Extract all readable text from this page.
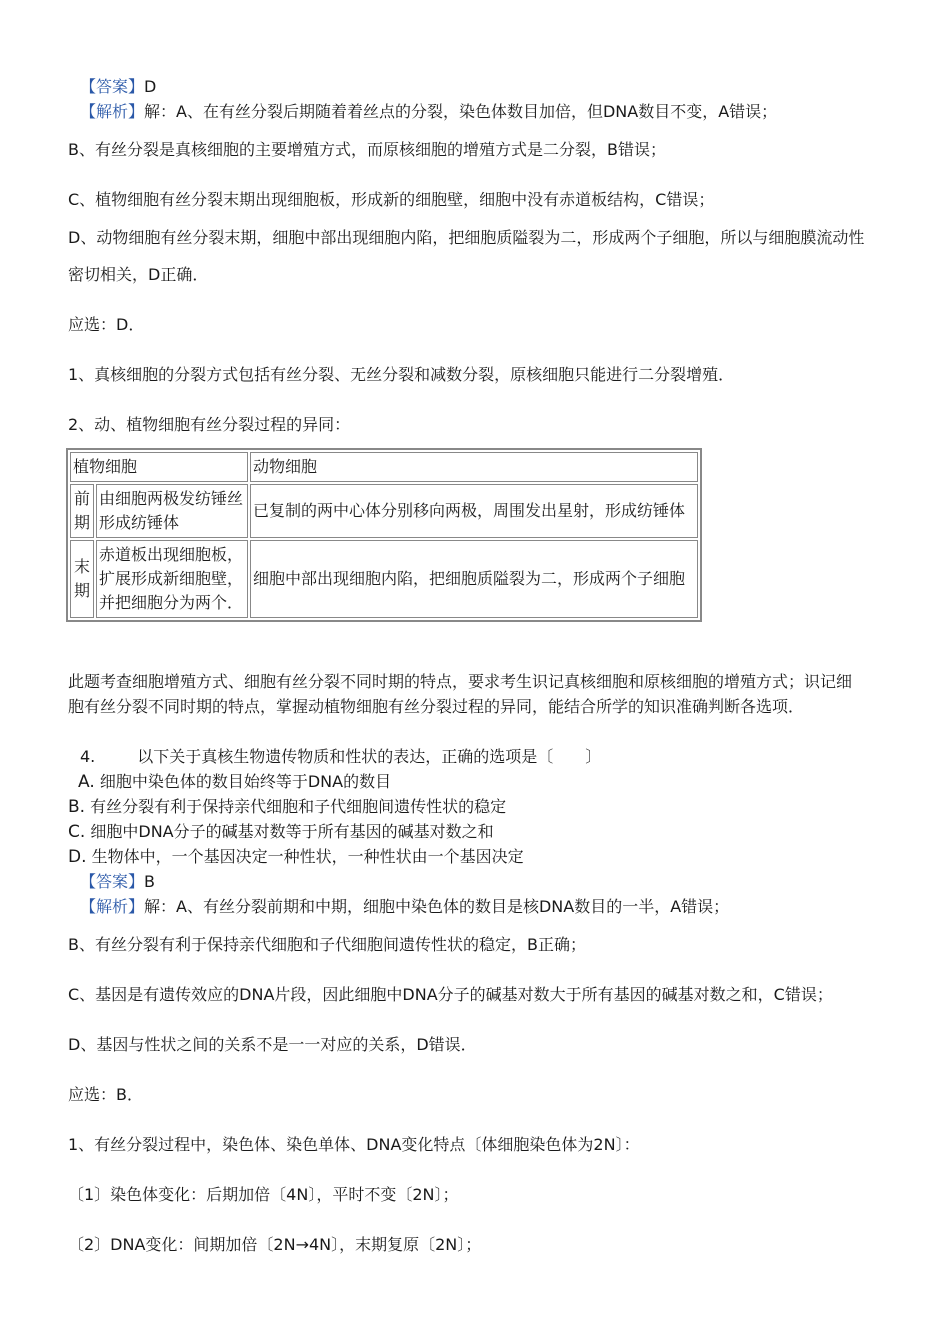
【答案】D
【解析】解：A、在有丝分裂后期随着着丝点的分裂，染色体数目加倍，但DNA数目不变，A错误；
B、有丝分裂是真核细胞的主要增殖方式，而原核细胞的增殖方式是二分裂，B错误；
C、植物细胞有丝分裂末期出现细胞板，形成新的细胞壁，细胞中没有赤道板结构，C错误；
D、动物细胞有丝分裂末期，细胞中部出现细胞内陷，把细胞质隘裂为二，形成两个子细胞，所以与细胞膜流动性
密切相关，D正确．
应选：D．
1、真核细胞的分裂方式包括有丝分裂、无丝分裂和减数分裂，原核细胞只能进行二分裂增殖．
2、动、植物细胞有丝分裂过程的异同：
植物细胞		动物细胞
前期	由细胞两极发纺锤丝形成纺锤体	已复制的两中心体分别移向两极，周围发出星射，形成纺锤体
末期	赤道板出现细胞板，扩展形成新细胞壁，并把细胞分为两个．	细胞中部出现细胞内陷，把细胞质隘裂为二，形成两个子细胞
此题考查细胞增殖方式、细胞有丝分裂不同时期的特点，要求考生识记真核细胞和原核细胞的增殖方式；识记细
胞有丝分裂不同时期的特点，掌握动植物细胞有丝分裂过程的异同，能结合所学的知识准确判断各选项．
4.	以下关于真核生物遗传物质和性状的表达，正确的选项是〔　　〕
A. 细胞中染色体的数目始终等于DNA的数目
B. 有丝分裂有利于保持亲代细胞和子代细胞间遗传性状的稳定
C. 细胞中DNA分子的碱基对数等于所有基因的碱基对数之和
D. 生物体中，一个基因决定一种性状，一种性状由一个基因决定
【答案】B
【解析】解：A、有丝分裂前期和中期，细胞中染色体的数目是核DNA数目的一半，A错误；
B、有丝分裂有利于保持亲代细胞和子代细胞间遗传性状的稳定，B正确；
C、基因是有遗传效应的DNA片段，因此细胞中DNA分子的碱基对数大于所有基因的碱基对数之和，C错误；
D、基因与性状之间的关系不是一一对应的关系，D错误．
应选：B．
1、有丝分裂过程中，染色体、染色单体、DNA变化特点〔体细胞染色体为2N〕：
〔1〕染色体变化：后期加倍〔4N〕，平时不变〔2N〕；
〔2〕DNA变化：间期加倍〔2N→4N〕，末期复原〔2N〕；
